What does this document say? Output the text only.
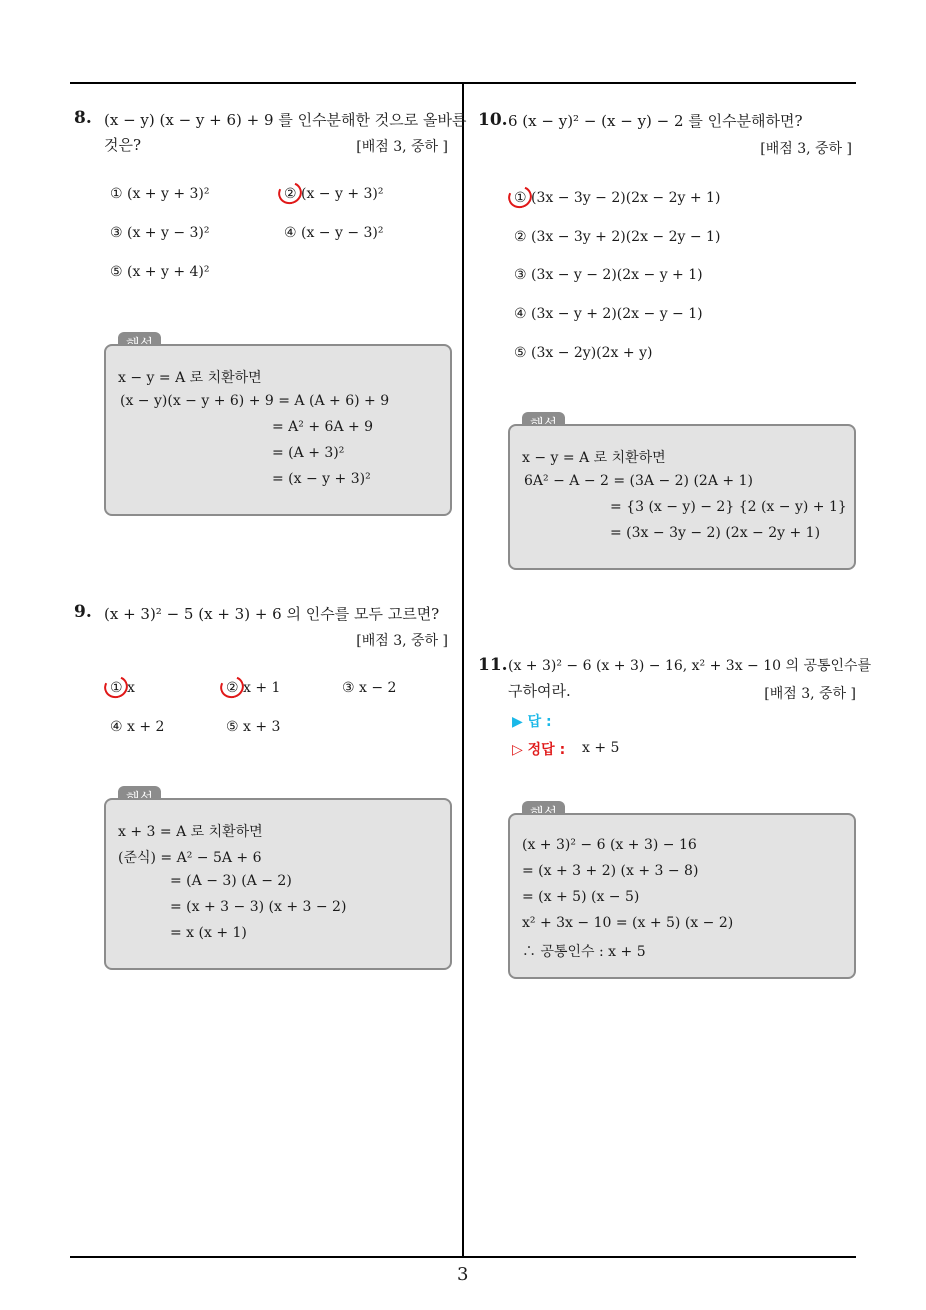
3
8. (x − y) (x − y + 6) + 9 를 인수분해한 것으로 올바른
것은?	[배점 3, 중하 ]
① (x + y + 3)²	② (x − y + 3)²
③ (x + y − 3)²	④ (x − y − 3)²
⑤ (x + y + 4)²
x − y = A 로 치환하면
(x − y)(x − y + 6) + 9 = A (A + 6) + 9
= A² + 6A + 9
= (A + 3)²
= (x − y + 3)²
9. (x + 3)² − 5 (x + 3) + 6 의 인수를 모두 고르면?
[배점 3, 중하 ]
① x	② x + 1	③ x − 2
④ x + 2	⑤ x + 3
x + 3 = A 로 치환하면
(준식) = A² − 5A + 6
= (A − 3) (A − 2)
= (x + 3 − 3) (x + 3 − 2)
= x (x + 1)
10. 6 (x − y)² − (x − y) − 2 를 인수분해하면?
[배점 3, 중하 ]
① (3x − 3y − 2)(2x − 2y + 1)
② (3x − 3y + 2)(2x − 2y − 1)
③ (3x − y − 2)(2x − y + 1)
④ (3x − y + 2)(2x − y − 1)
⑤ (3x − 2y)(2x + y)
x − y = A 로 치환하면
6A² − A − 2 = (3A − 2) (2A + 1)
= {3 (x − y) − 2} {2 (x − y) + 1}
= (3x − 3y − 2) (2x − 2y + 1)
11. (x + 3)² − 6 (x + 3) − 16, x² + 3x − 10 의 공통인수를
구하여라.	[배점 3, 중하 ]
▶ 답 :
▷ 정답 : x + 5
(x + 3)² − 6 (x + 3) − 16
= (x + 3 + 2) (x + 3 − 8)
= (x + 5) (x − 5)
x² + 3x − 10 = (x + 5) (x − 2)
∴ 공통인수 : x + 5
